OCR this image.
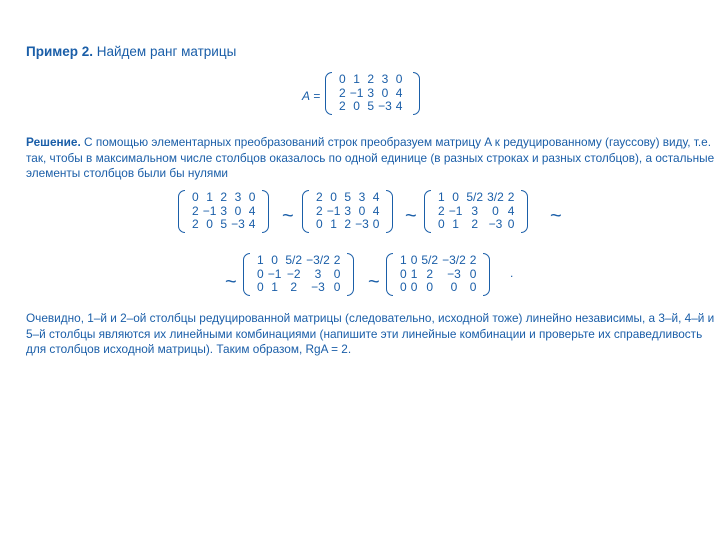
Пример 2. Найдем ранг матрицы
A =
0 1 2 3 0
2 −1 3 0 4
2 0 5 −3 4
Решение. С помощью элементарных преобразований строк преобразуем матрицу A к редуцированному (гауссову) виду, т.е.
так, чтобы в максимальном числе столбцов оказалось по одной единице (в разных строках и разных столбцов), а остальные
элементы столбцов были бы нулями
0 1 2 3 0
2 −1 3 0 4
2 0 5 −3 4 ~
2 0 5 3 4
2 −1 3 0 4
0 1 2 −3 0 ~
1 0 5/2 3/2 2
2 −1 3	0 4
0 1	2 −3 0 ~
~
1 0 5/2 −3/2 2
0 −1 −2	3	0
0 1	2	−3 0 ~
1 0 5/2 −3/2 2
0 1 2	−3 0
0 0 0	0	0
.
Очевидно, 1–й и 2–ой столбцы редуцированной матрицы (следовательно, исходной тоже) линейно независимы, а 3–й, 4–й и
5–й столбцы являются их линейными комбинациями (напишите эти линейные комбинации и проверьте их справедливость
для столбцов исходной матрицы). Таким образом, RgA = 2.
